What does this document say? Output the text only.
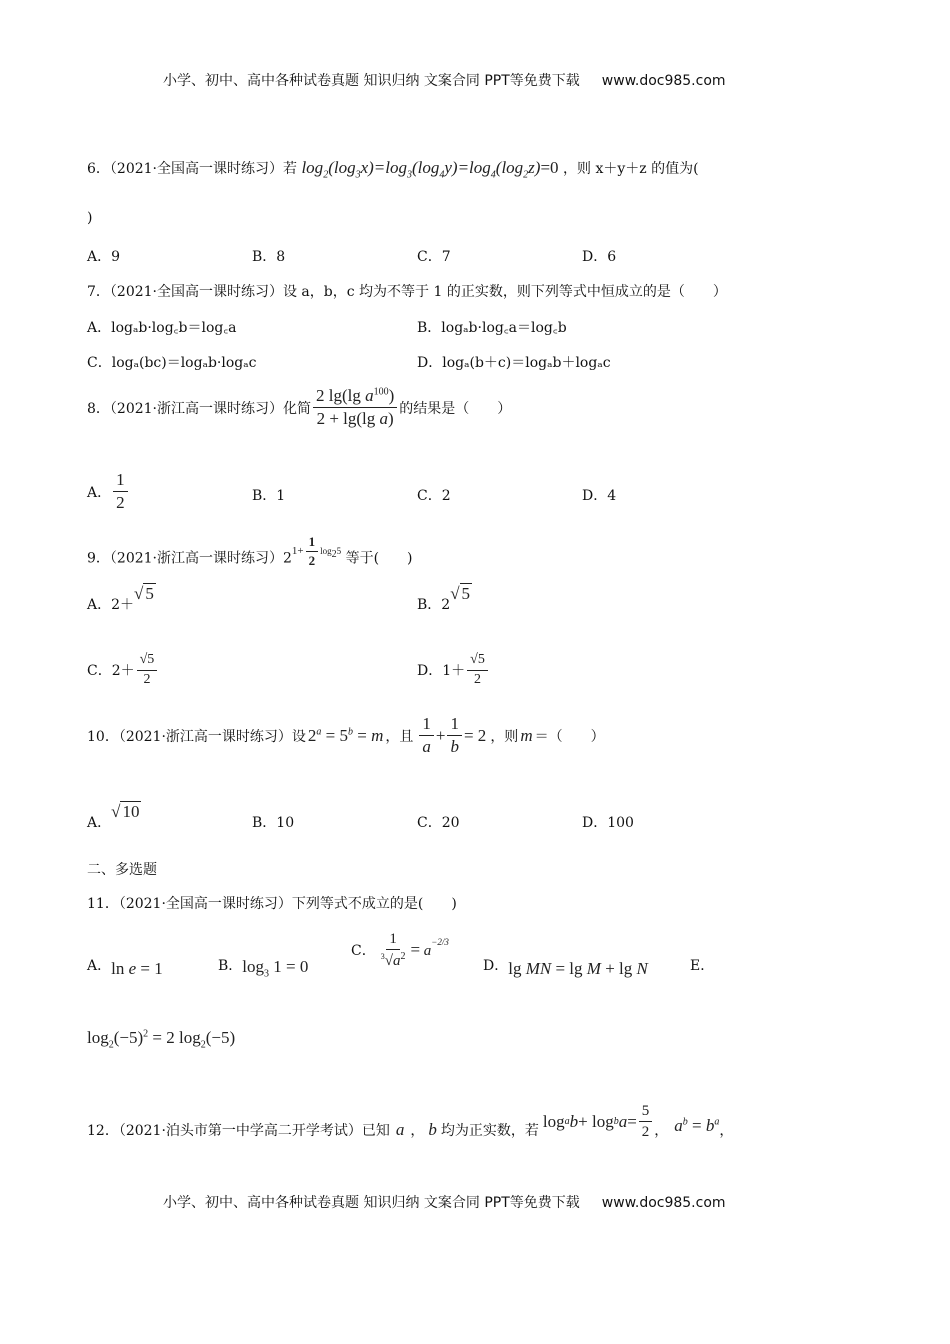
小学、初中、高中各种试卷真题 知识归纳 文案合同 PPT等免费下载 www.doc985.com
6．（2021·全国高一课时练习）若 $\log_2(\log_3x)=\log_3(\log_4y)=\log_4(\log_2z)=0$ ，则 x＋y＋z 的值为(
)
A．9	B．8	C．7	D．6
7．（2021·全国高一课时练习）设 a，b，c 均为不等于 1 的正实数，则下列等式中恒成立的是（　　）
A．logₐb·log꜀b＝log꜀a	B．logₐb·log꜀a＝log꜀b
C．logₐ(bc)＝logₐb·logₐc	D．logₐ(b＋c)＝logₐb＋logₐc
8．（2021·浙江高一课时练习）化简 $\frac{2 \lg(\lg a^{100})}{\text{2 + lg(lg a)}}$ 的结果是（　　）
A． $\frac{1}{2}$	B．1	C．2	D．4
9．（2021·浙江高一课时练习）$2^{1+ \frac{1}{2} log_25}$ 等于(　　)
A．2＋√ 5
B．2√ 5
C．$2+ \frac{√5}{2}$	D．$1+ \frac{√5}{2}$
10．（2021·浙江高一课时练习）设 $2^a = 5^b = m$ ，且 $\frac{1}{a} + \frac{1}{b} = 2$ ，则 m ＝（　　）
A．√ 10
B．10	C．20	D．100
二、多选题
11．（2021·全国高一课时练习）下列等式不成立的是(　　)
A．ln e = 1	B．$\log_3 1 = 0$
C． $\frac{1}{^3√a^2} = a^{-2/3}$
D．lg MN = lg M + lg N	E．
$\log_2(-5)^2 = 2$ $\log_2(-5)$
12．（2021·泊头市第一中学高二开学考试）已知 a ， b 均为正实数，若 log a b + log b $a = \frac{5}{2}$ ， $a^b = b^a$
，
小学、初中、高中各种试卷真题 知识归纳 文案合同 PPT等免费下载 www.doc985.com
